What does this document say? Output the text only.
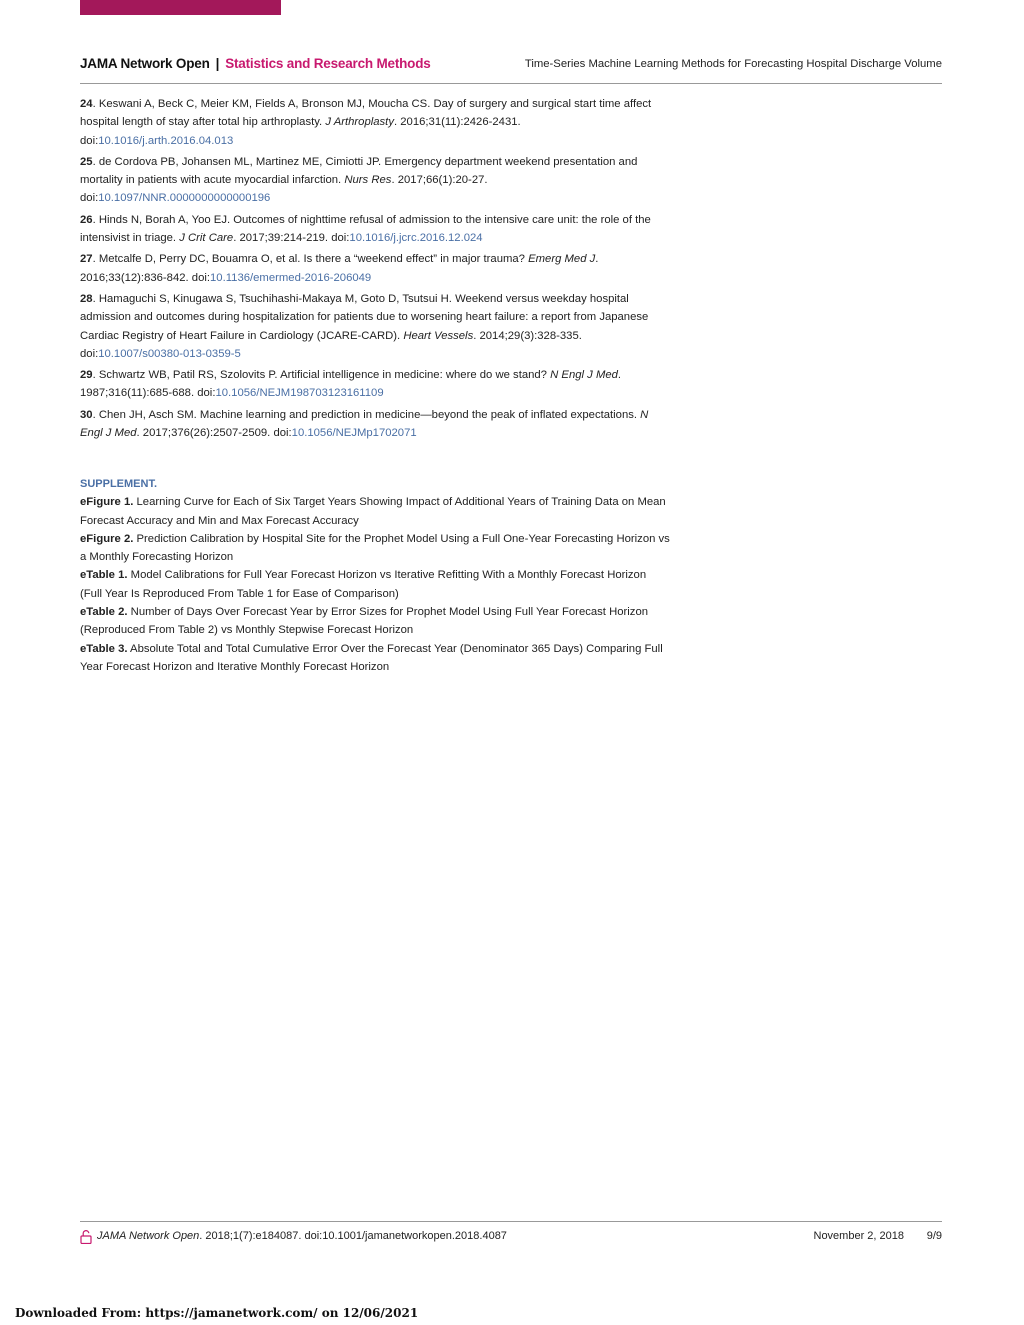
JAMA Network Open | Statistics and Research Methods	Time-Series Machine Learning Methods for Forecasting Hospital Discharge Volume
24. Keswani A, Beck C, Meier KM, Fields A, Bronson MJ, Moucha CS. Day of surgery and surgical start time affect hospital length of stay after total hip arthroplasty. J Arthroplasty. 2016;31(11):2426-2431. doi:10.1016/j.arth.2016.04.013
25. de Cordova PB, Johansen ML, Martinez ME, Cimiotti JP. Emergency department weekend presentation and mortality in patients with acute myocardial infarction. Nurs Res. 2017;66(1):20-27. doi:10.1097/NNR.0000000000000196
26. Hinds N, Borah A, Yoo EJ. Outcomes of nighttime refusal of admission to the intensive care unit: the role of the intensivist in triage. J Crit Care. 2017;39:214-219. doi:10.1016/j.jcrc.2016.12.024
27. Metcalfe D, Perry DC, Bouamra O, et al. Is there a “weekend effect” in major trauma? Emerg Med J. 2016;33(12):836-842. doi:10.1136/emermed-2016-206049
28. Hamaguchi S, Kinugawa S, Tsuchihashi-Makaya M, Goto D, Tsutsui H. Weekend versus weekday hospital admission and outcomes during hospitalization for patients due to worsening heart failure: a report from Japanese Cardiac Registry of Heart Failure in Cardiology (JCARE-CARD). Heart Vessels. 2014;29(3):328-335. doi:10.1007/s00380-013-0359-5
29. Schwartz WB, Patil RS, Szolovits P. Artificial intelligence in medicine: where do we stand? N Engl J Med. 1987;316(11):685-688. doi:10.1056/NEJM198703123161109
30. Chen JH, Asch SM. Machine learning and prediction in medicine—beyond the peak of inflated expectations. N Engl J Med. 2017;376(26):2507-2509. doi:10.1056/NEJMp1702071
SUPPLEMENT.
eFigure 1. Learning Curve for Each of Six Target Years Showing Impact of Additional Years of Training Data on Mean Forecast Accuracy and Min and Max Forecast Accuracy
eFigure 2. Prediction Calibration by Hospital Site for the Prophet Model Using a Full One-Year Forecasting Horizon vs a Monthly Forecasting Horizon
eTable 1. Model Calibrations for Full Year Forecast Horizon vs Iterative Refitting With a Monthly Forecast Horizon (Full Year Is Reproduced From Table 1 for Ease of Comparison)
eTable 2. Number of Days Over Forecast Year by Error Sizes for Prophet Model Using Full Year Forecast Horizon (Reproduced From Table 2) vs Monthly Stepwise Forecast Horizon
eTable 3. Absolute Total and Total Cumulative Error Over the Forecast Year (Denominator 365 Days) Comparing Full Year Forecast Horizon and Iterative Monthly Forecast Horizon
JAMA Network Open. 2018;1(7):e184087. doi:10.1001/jamanetworkopen.2018.4087	November 2, 2018 9/9
Downloaded From: https://jamanetwork.com/ on 12/06/2021
